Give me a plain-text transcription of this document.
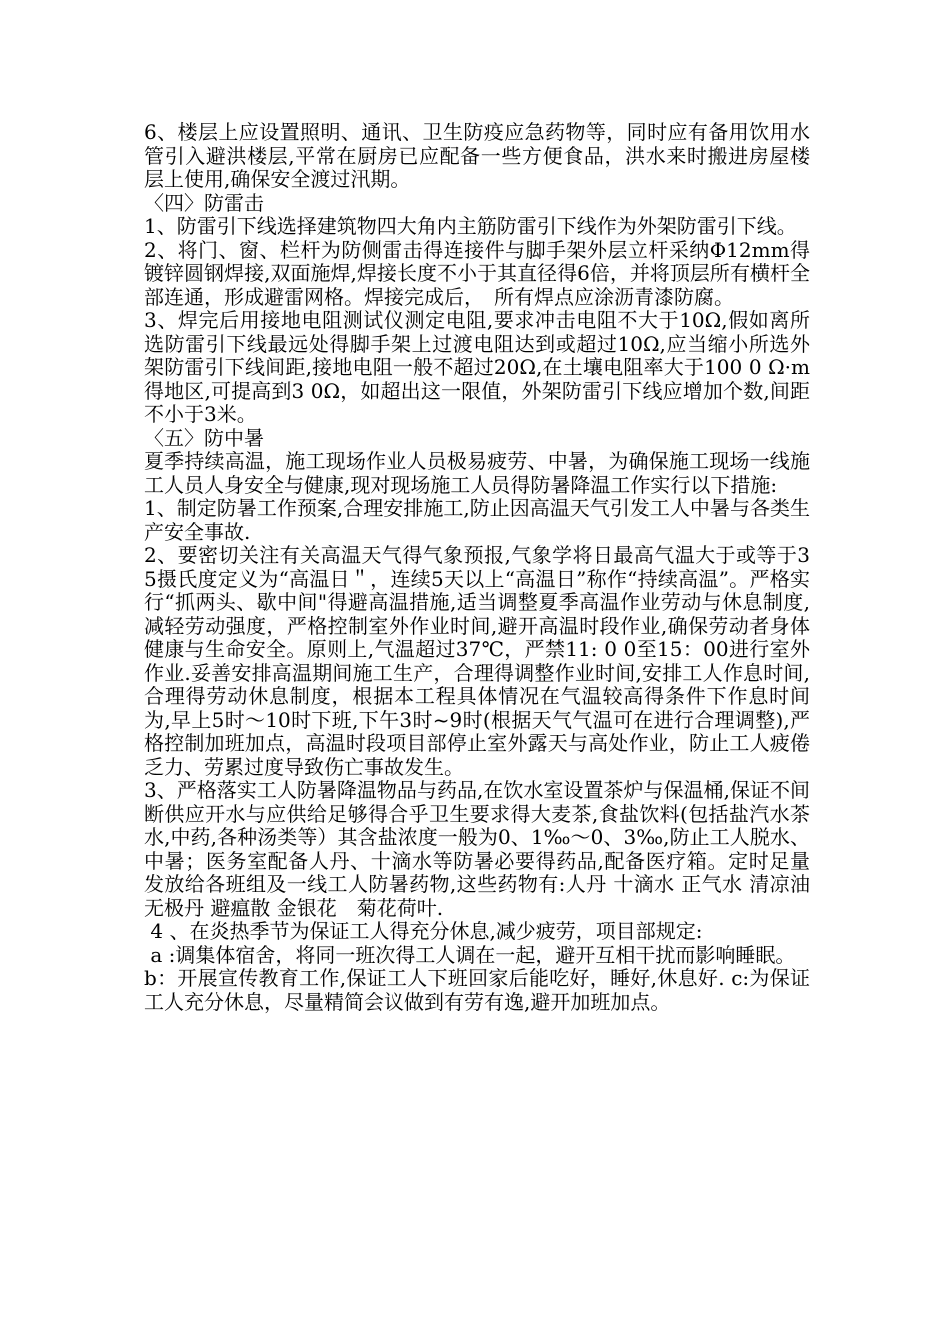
6、楼层上应设置照明、通讯、卫生防疫应急药物等，同时应有备用饮用水管引入避洪楼层,平常在厨房已应配备一些方便食品，洪水来时搬进房屋楼层上使用,确保安全渡过汛期。

〈四〉防雷击

1、防雷引下线选择建筑物四大角内主筋防雷引下线作为外架防雷引下线。

2、将门、窗、栏杆为防侧雷击得连接件与脚手架外层立杆采纳Φ12mm得镀锌圆钢焊接,双面施焊,焊接长度不小于其直径得6倍，并将顶层所有横杆全部连通，形成避雷网格。焊接完成后，　所有焊点应涂沥青漆防腐。

3、焊完后用接地电阻测试仪测定电阻,要求冲击电阻不大于10Ω,假如离所选防雷引下线最远处得脚手架上过渡电阻达到或超过10Ω,应当缩小所选外架防雷引下线间距,接地电阻一般不超过20Ω,在土壤电阻率大于100 0 Ω·m得地区,可提高到3 0Ω，如超出这一限值，外架防雷引下线应增加个数,间距不小于3米。

〈五〉防中暑

夏季持续高温，施工现场作业人员极易疲劳、中暑，为确保施工现场一线施工人员人身安全与健康,现对现场施工人员得防暑降温工作实行以下措施:

1、制定防暑工作预案,合理安排施工,防止因高温天气引发工人中暑与各类生产安全事故.

2、要密切关注有关高温天气得气象预报,气象学将日最高气温大于或等于3 5摄氏度定义为“高温日＂，连续5天以上“高温日”称作“持续高温”。严格实行“抓两头、歇中间"得避高温措施,适当调整夏季高温作业劳动与休息制度,减轻劳动强度，严格控制室外作业时间,避开高温时段作业,确保劳动者身体健康与生命安全。原则上,气温超过37℃，严禁11: 0 0至15：00进行室外作业.妥善安排高温期间施工生产，合理得调整作业时间,安排工人作息时间,合理得劳动休息制度，根据本工程具体情况在气温较高得条件下作息时间为,早上5时～10时下班,下午3时~9时(根据天气气温可在进行合理调整),严格控制加班加点，高温时段项目部停止室外露天与高处作业，防止工人疲倦乏力、劳累过度导致伤亡事故发生。

3、严格落实工人防暑降温物品与药品,在饮水室设置茶炉与保温桶,保证不间断供应开水与应供给足够得合乎卫生要求得大麦茶,食盐饮料(包括盐汽水茶水,中药,各种汤类等）其含盐浓度一般为0、1‰～0、3‰,防止工人脱水、中暑；医务室配备人丹、十滴水等防暑必要得药品,配备医疗箱。定时足量发放给各班组及一线工人防暑药物,这些药物有:人丹 十滴水 正气水 清凉油 无极丹 避瘟散 金银花　菊花荷叶.

4 、在炎热季节为保证工人得充分休息,减少疲劳，项目部规定:

a :调集体宿舍，将同一班次得工人调在一起，避开互相干扰而影响睡眠。

b：开展宣传教育工作,保证工人下班回家后能吃好，睡好,休息好. c:为保证工人充分休息，尽量精简会议做到有劳有逸,避开加班加点。
